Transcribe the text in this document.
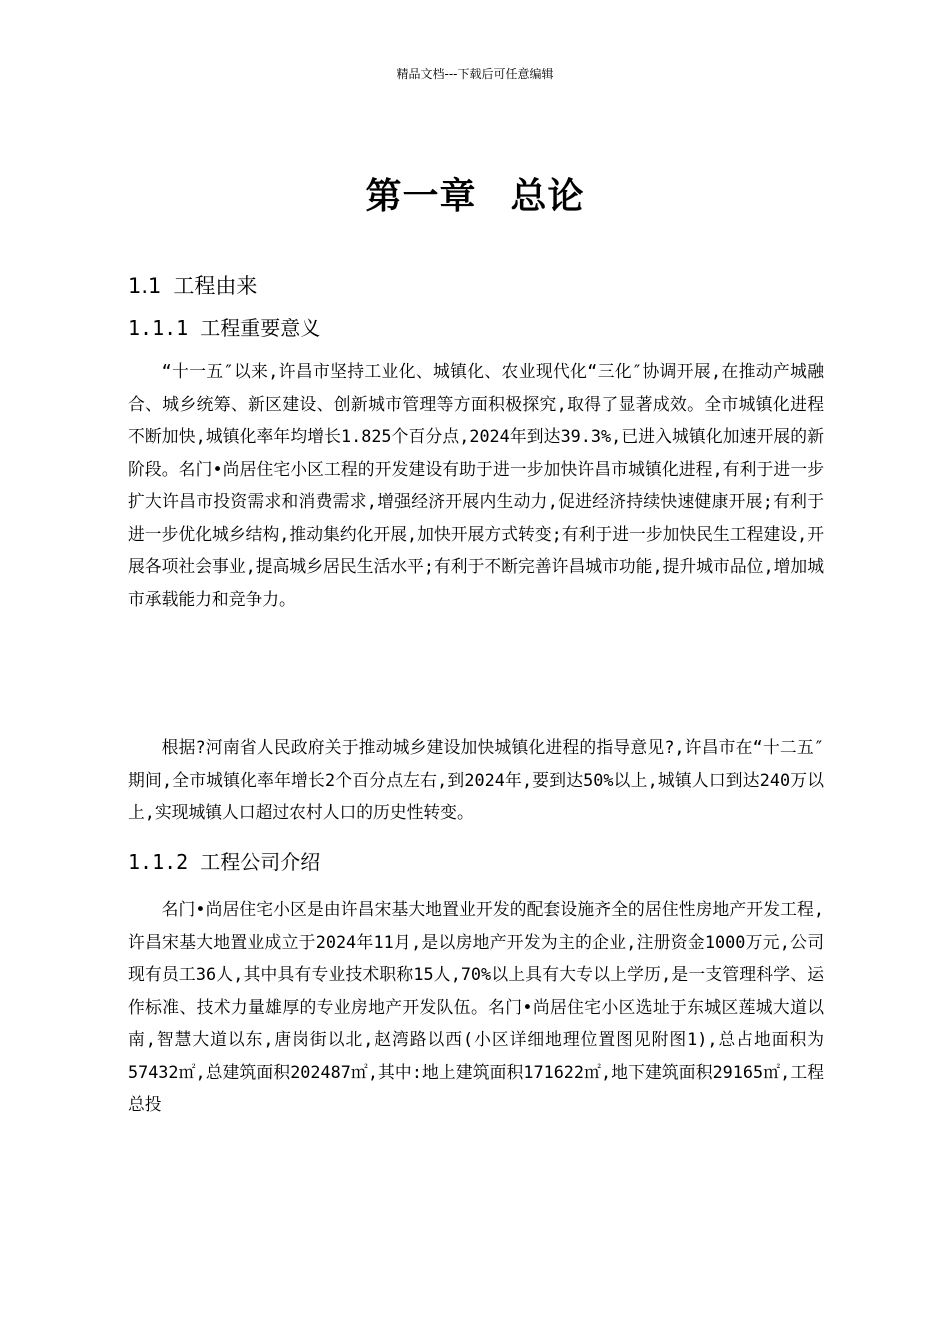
精品文档---下载后可任意编辑
第一章 总论
1.1 工程由来
1.1.1 工程重要意义

“十一五″以来,许昌市坚持工业化、城镇化、农业现代化“三化″协调开展,在推动产城融合、城乡统筹、新区建设、创新城市管理等方面积极探究,取得了显著成效。全市城镇化进程不断加快,城镇化率年均增长1.825个百分点,2024年到达39.3%,已进入城镇化加速开展的新阶段。名门•尚居住宅小区工程的开发建设有助于进一步加快许昌市城镇化进程,有利于进一步扩大许昌市投资需求和消费需求,增强经济开展内生动力,促进经济持续快速健康开展;有利于进一步优化城乡结构,推动集约化开展,加快开展方式转变;有利于进一步加快民生工程建设,开展各项社会事业,提高城乡居民生活水平;有利于不断完善许昌城市功能,提升城市品位,增加城市承载能力和竞争力。

根据?河南省人民政府关于推动城乡建设加快城镇化进程的指导意见?,许昌市在“十二五″期间,全市城镇化率年增长2个百分点左右,到2024年,要到达50%以上,城镇人口到达240万以上,实现城镇人口超过农村人口的历史性转变。

1.1.2 工程公司介绍

名门•尚居住宅小区是由许昌宋基大地置业开发的配套设施齐全的居住性房地产开发工程,许昌宋基大地置业成立于2024年11月,是以房地产开发为主的企业,注册资金1000万元,公司现有员工36人,其中具有专业技术职称15人,70%以上具有大专以上学历,是一支管理科学、运作标准、技术力量雄厚的专业房地产开发队伍。名门•尚居住宅小区选址于东城区莲城大道以南,智慧大道以东,唐岗街以北,赵湾路以西(小区详细地理位置图见附图1),总占地面积为57432㎡,总建筑面积202487㎡,其中:地上建筑面积171622㎡,地下建筑面积29165㎡,工程总投
